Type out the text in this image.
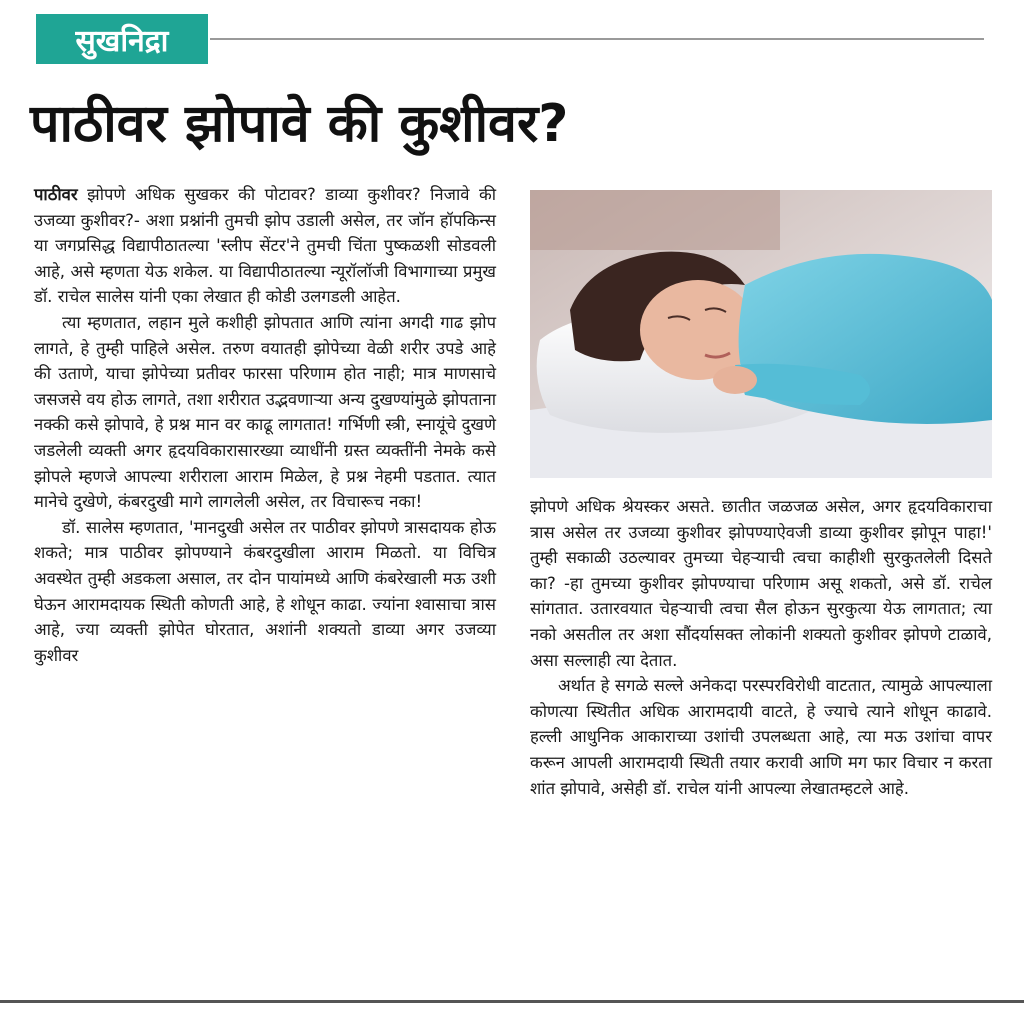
सुखनिद्रा
पाठीवर झोपावे की कुशीवर?

पाठीवर झोपणे अधिक सुखकर की पोटावर? डाव्या कुशीवर? निजावे की उजव्या कुशीवर?- अशा प्रश्नांनी तुमची झोप उडाली असेल, तर जॉन हॉपकिन्स या जगप्रसिद्ध विद्यापीठातल्या 'स्लीप सेंटर'ने तुमची चिंता पुष्कळशी सोडवली आहे, असे म्हणता येऊ शकेल. या विद्यापीठातल्या न्यूरॉलॉजी विभागाच्या प्रमुख डॉ. राचेल सालेस यांनी एका लेखात ही कोडी उलगडली आहेत.

त्या म्हणतात, लहान मुले कशीही झोपतात आणि त्यांना अगदी गाढ झोप लागते, हे तुम्ही पाहिले असेल. तरुण वयातही झोपेच्या वेळी शरीर उपडे आहे की उताणे, याचा झोपेच्या प्रतीवर फारसा परिणाम होत नाही; मात्र माणसाचे जसजसे वय होऊ लागते, तशा शरीरात उद्भवणाऱ्या अन्य दुखण्यांमुळे झोपताना नक्की कसे झोपावे, हे प्रश्न मान वर काढू लागतात! गर्भिणी स्त्री, स्नायूंचे दुखणे जडलेली व्यक्ती अगर हृदयविकारासारख्या व्याधींनी ग्रस्त व्यक्तींनी नेमके कसे झोपले म्हणजे आपल्या शरीराला आराम मिळेल, हे प्रश्न नेहमी पडतात. त्यात मानेचे दुखेणे, कंबरदुखी मागे लागलेली असेल, तर विचारूच नका!

डॉ. सालेस म्हणतात, 'मानदुखी असेल तर पाठीवर झोपणे त्रासदायक होऊ शकते; मात्र पाठीवर झोपण्याने कंबरदुखीला आराम मिळतो. या विचित्र अवस्थेत तुम्ही अडकला असाल, तर दोन पायांमध्ये आणि कंबरेखाली मऊ उशी घेऊन आरामदायक स्थिती कोणती आहे, हे शोधून काढा. ज्यांना श्वासाचा त्रास आहे, ज्या व्यक्ती झोपेत घोरतात, अशांनी शक्यतो डाव्या अगर उजव्या कुशीवर

झोपणे अधिक श्रेयस्कर असते. छातीत जळजळ असेल, अगर हृदयविकाराचा त्रास असेल तर उजव्या कुशीवर झोपण्याऐवजी डाव्या कुशीवर झोपून पाहा!' तुम्ही सकाळी उठल्यावर तुमच्या चेहऱ्याची त्वचा काहीशी सुरकुतलेली दिसते का? -हा तुमच्या कुशीवर झोपण्याचा परिणाम असू शकतो, असे डॉ. राचेल सांगतात. उतारवयात चेहऱ्याची त्वचा सैल होऊन सुरकुत्या येऊ लागतात; त्या नको असतील तर अशा सौंदर्यासक्त लोकांनी शक्यतो कुशीवर झोपणे टाळावे, असा सल्लाही त्या देतात.

अर्थात हे सगळे सल्ले अनेकदा परस्परविरोधी वाटतात, त्यामुळे आपल्याला कोणत्या स्थितीत अधिक आरामदायी वाटते, हे ज्याचे त्याने शोधून काढावे. हल्ली आधुनिक आकाराच्या उशांची उपलब्धता आहे, त्या मऊ उशांचा वापर करून आपली आरामदायी स्थिती तयार करावी आणि मग फार विचार न करता शांत झोपावे, असेही डॉ. राचेल यांनी आपल्या लेखातम्हटले आहे.
